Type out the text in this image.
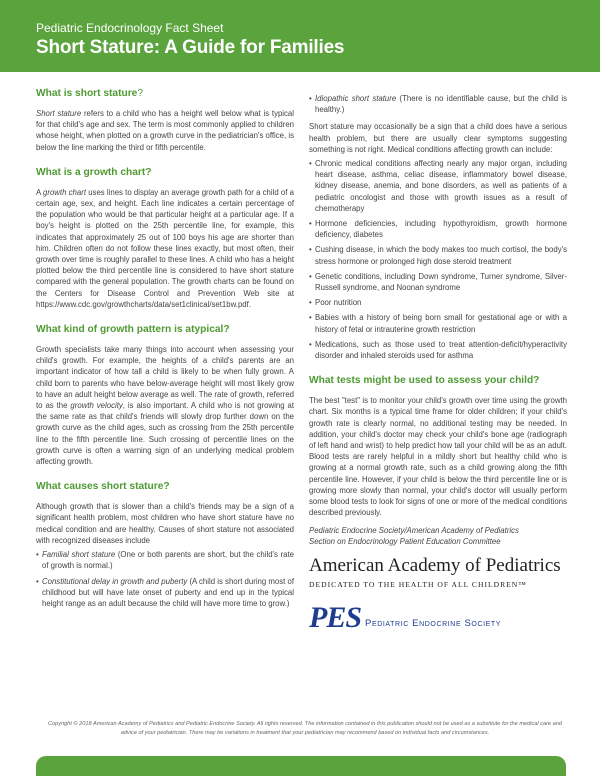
Pediatric Endocrinology Fact Sheet
Short Stature: A Guide for Families
What is short stature?

Short stature refers to a child who has a height well below what is typical for that child's age and sex. The term is most commonly applied to children whose height, when plotted on a growth curve in the pediatrician's office, is below the line marking the third or fifth percentile.

What is a growth chart?

A growth chart uses lines to display an average growth path for a child of a certain age, sex, and height. Each line indicates a certain percentage of the population who would be that particular height at a particular age. If a boy's height is plotted on the 25th percentile line, for example, this indicates that approximately 25 out of 100 boys his age are shorter than him. Children often do not follow these lines exactly, but most often, their growth over time is roughly parallel to these lines. A child who has a height plotted below the third percentile line is considered to have short stature compared with the general population. The growth charts can be found on the Centers for Disease Control and Prevention Web site at https://www.cdc.gov/growthcharts/data/set1clinical/set1bw.pdf.

What kind of growth pattern is atypical?

Growth specialists take many things into account when assessing your child's growth. For example, the heights of a child's parents are an important indicator of how tall a child is likely to be when fully grown. A child born to parents who have below-average height will most likely grow to have an adult height below average as well. The rate of growth, referred to as the growth velocity, is also important. A child who is not growing at the same rate as that child's friends will slowly drop further down on the growth curve as the child ages, such as crossing from the 25th percentile line to the fifth percentile line. Such crossing of percentile lines on the growth curve is often a warning sign of an underlying medical problem affecting growth.

What causes short stature?

Although growth that is slower than a child's friends may be a sign of a significant health problem, most children who have short stature have no medical condition and are healthy. Causes of short stature not associated with recognized diseases include

• Familial short stature (One or both parents are short, but the child's rate of growth is normal.)
• Constitutional delay in growth and puberty (A child is short during most of childhood but will have late onset of puberty and end up in the typical height range as an adult because the child will have more time to grow.)
• Idiopathic short stature (There is no identifiable cause, but the child is healthy.)

Short stature may occasionally be a sign that a child does have a serious health problem, but there are usually clear symptoms suggesting something is not right. Medical conditions affecting growth can include:

• Chronic medical conditions affecting nearly any major organ, including heart disease, asthma, celiac disease, inflammatory bowel disease, kidney disease, anemia, and bone disorders, as well as patients of a pediatric oncologist and those with growth issues as a result of chemotherapy
• Hormone deficiencies, including hypothyroidism, growth hormone deficiency, diabetes
• Cushing disease, in which the body makes too much cortisol, the body's stress hormone or prolonged high dose steroid treatment
• Genetic conditions, including Down syndrome, Turner syndrome, Silver-Russell syndrome, and Noonan syndrome
• Poor nutrition
• Babies with a history of being born small for gestational age or with a history of fetal or intrauterine growth restriction
• Medications, such as those used to treat attention-deficit/hyperactivity disorder and inhaled steroids used for asthma
What tests might be used to assess your child?

The best "test" is to monitor your child's growth over time using the growth chart. Six months is a typical time frame for older children; if your child's growth rate is clearly normal, no additional testing may be needed. In addition, your child's doctor may check your child's bone age (radiograph of left hand and wrist) to help predict how tall your child will be as an adult. Blood tests are rarely helpful in a mildly short but healthy child who is growing at a normal growth rate, such as a child growing along the fifth percentile line. However, if your child is below the third percentile line or is growing more slowly than normal, your child's doctor will usually perform some blood tests to look for signs of one or more of the medical conditions described previously.

Pediatric Endocrine Society/American Academy of Pediatrics
Section on Endocrinology Patient Education Committee
American Academy of Pediatrics
DEDICATED TO THE HEALTH OF ALL CHILDREN™
PES Pediatric Endocrine Society
Copyright © 2018 American Academy of Pediatrics and Pediatric Endocrine Society. All rights reserved. The information contained in this publication should not be used as a substitute for the medical care and advice of your pediatrician. There may be variations in treatment that your pediatrician may recommend based on individual facts and circumstances.
